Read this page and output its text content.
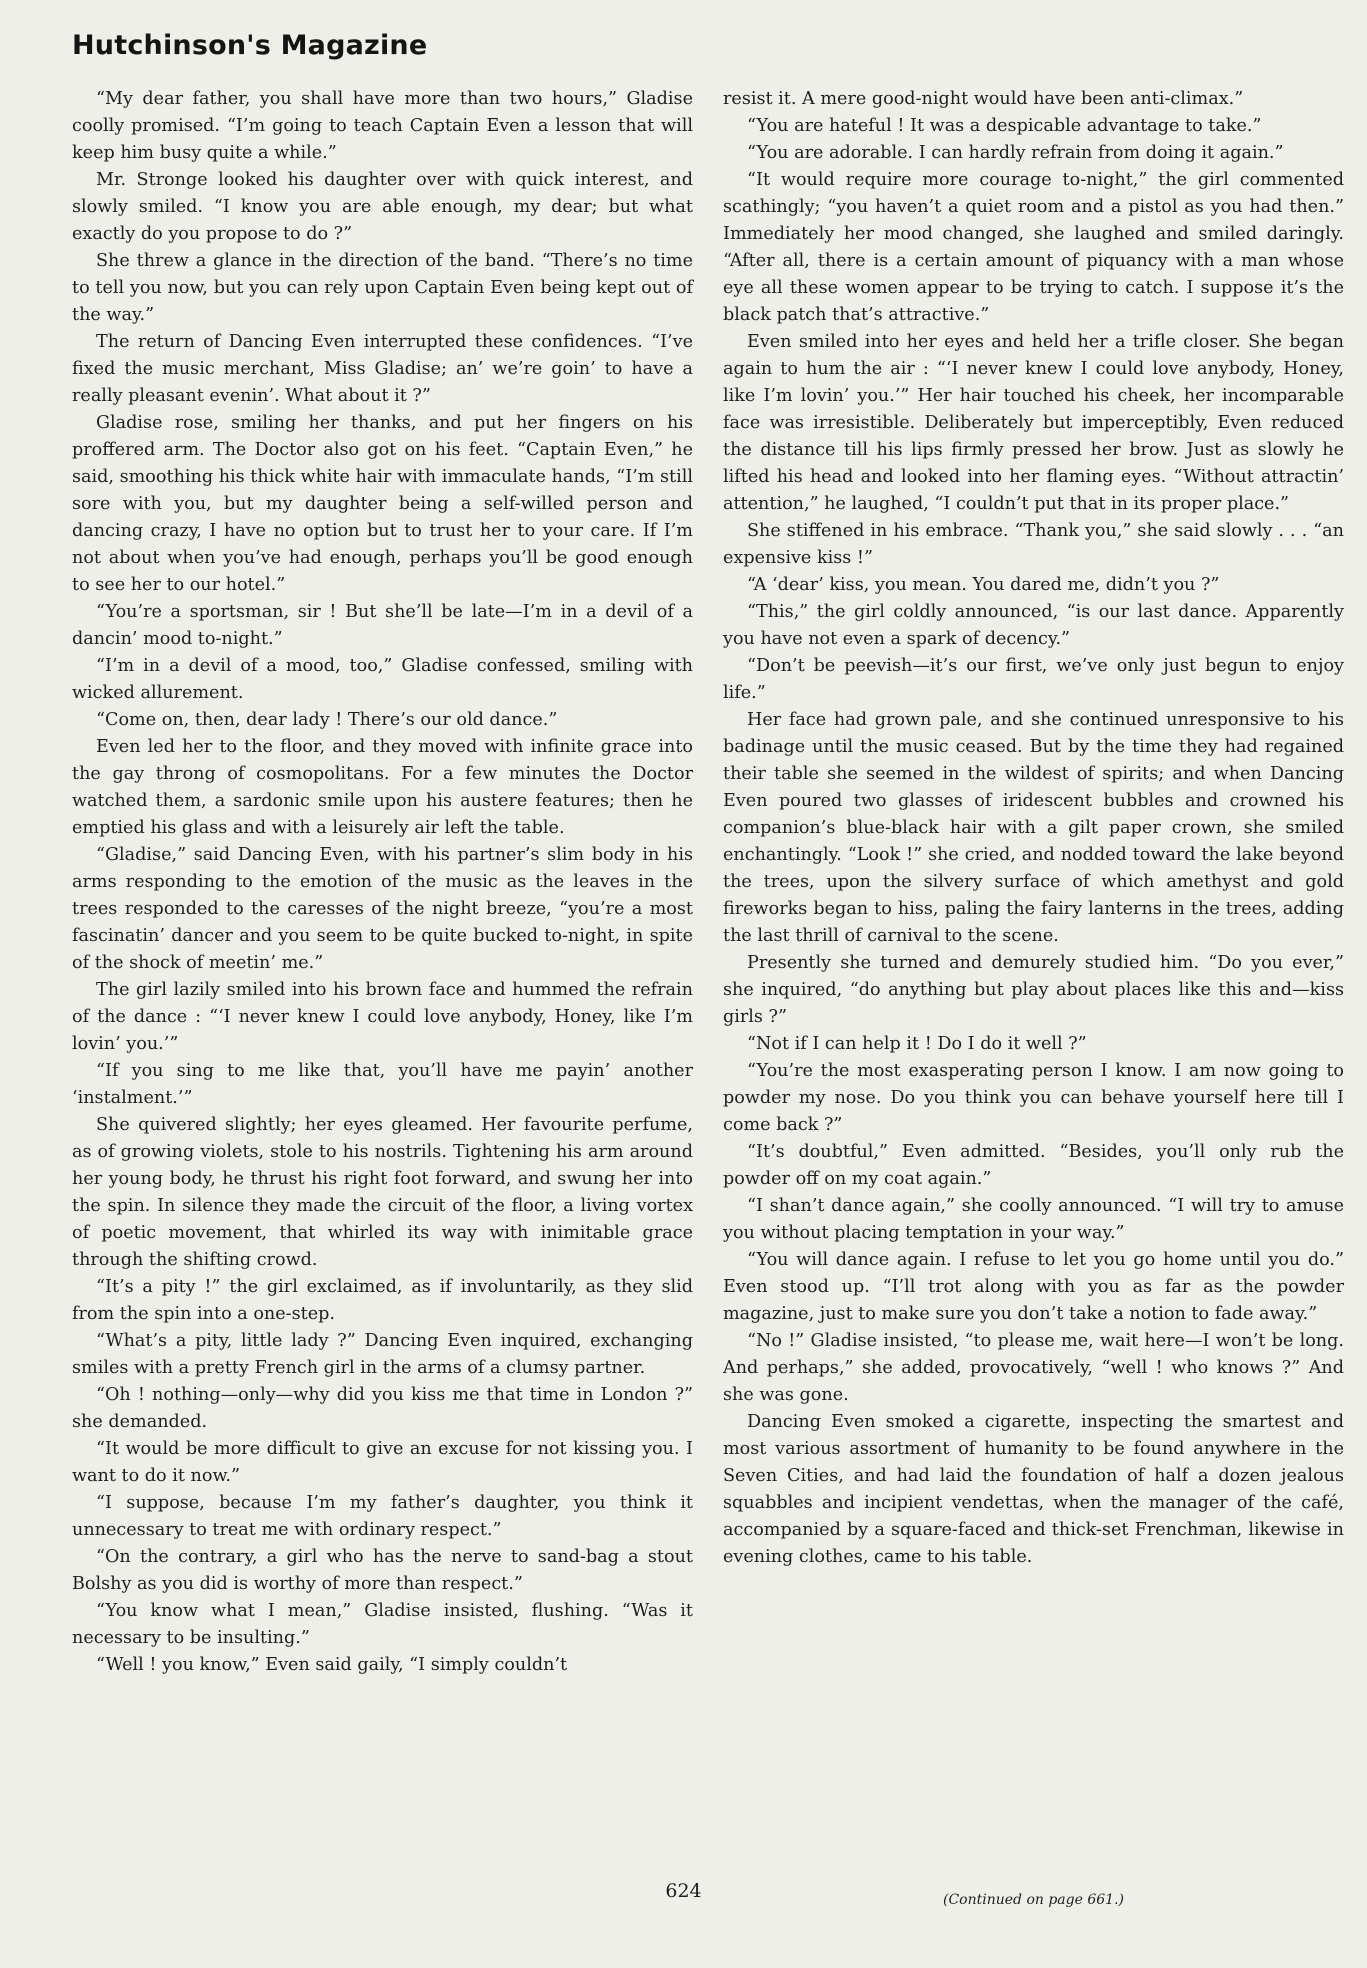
Hutchinson's Magazine

“My dear father, you shall have more than two hours,” Gladise coolly promised. “I’m going to teach Captain Even a lesson that will keep him busy quite a while.”

Mr. Stronge looked his daughter over with quick interest, and slowly smiled. “I know you are able enough, my dear; but what exactly do you propose to do ?”

She threw a glance in the direction of the band. “There’s no time to tell you now, but you can rely upon Captain Even being kept out of the way.”

The return of Dancing Even interrupted these confidences. “I’ve fixed the music merchant, Miss Gladise; an’ we’re goin’ to have a really pleasant evenin’. What about it ?”

Gladise rose, smiling her thanks, and put her fingers on his proffered arm. The Doctor also got on his feet. “Captain Even,” he said, smoothing his thick white hair with immaculate hands, “I’m still sore with you, but my daughter being a self-willed person and dancing crazy, I have no option but to trust her to your care. If I’m not about when you’ve had enough, perhaps you’ll be good enough to see her to our hotel.”

“You’re a sportsman, sir ! But she’ll be late—I’m in a devil of a dancin’ mood to-night.”

“I’m in a devil of a mood, too,” Gladise confessed, smiling with wicked allurement.

“Come on, then, dear lady ! There’s our old dance.”

Even led her to the floor, and they moved with infinite grace into the gay throng of cosmopolitans. For a few minutes the Doctor watched them, a sardonic smile upon his austere features; then he emptied his glass and with a leisurely air left the table.

“Gladise,” said Dancing Even, with his partner’s slim body in his arms responding to the emotion of the music as the leaves in the trees responded to the caresses of the night breeze, “you’re a most fascinatin’ dancer and you seem to be quite bucked to-night, in spite of the shock of meetin’ me.”

The girl lazily smiled into his brown face and hummed the refrain of the dance : “‘I never knew I could love anybody, Honey, like I’m lovin’ you.’”

“If you sing to me like that, you’ll have me payin’ another ‘instalment.’”

She quivered slightly; her eyes gleamed. Her favourite perfume, as of growing violets, stole to his nostrils. Tightening his arm around her young body, he thrust his right foot forward, and swung her into the spin. In silence they made the circuit of the floor, a living vortex of poetic movement, that whirled its way with inimitable grace through the shifting crowd.

“It’s a pity !” the girl exclaimed, as if involuntarily, as they slid from the spin into a one-step.

“What’s a pity, little lady ?” Dancing Even inquired, exchanging smiles with a pretty French girl in the arms of a clumsy partner.

“Oh ! nothing—only—why did you kiss me that time in London ?” she demanded.

“It would be more difficult to give an excuse for not kissing you. I want to do it now.”

“I suppose, because I’m my father’s daughter, you think it unnecessary to treat me with ordinary respect.”

“On the contrary, a girl who has the nerve to sand-bag a stout Bolshy as you did is worthy of more than respect.”

“You know what I mean,” Gladise insisted, flushing. “Was it necessary to be insulting.”

“Well ! you know,” Even said gaily, “I simply couldn’t

resist it. A mere good-night would have been anti-climax.”

“You are hateful ! It was a despicable advantage to take.”

“You are adorable. I can hardly refrain from doing it again.”

“It would require more courage to-night,” the girl commented scathingly; “you haven’t a quiet room and a pistol as you had then.” Immediately her mood changed, she laughed and smiled daringly. “After all, there is a certain amount of piquancy with a man whose eye all these women appear to be trying to catch. I suppose it’s the black patch that’s attractive.”

Even smiled into her eyes and held her a trifle closer. She began again to hum the air : “‘I never knew I could love anybody, Honey, like I’m lovin’ you.’” Her hair touched his cheek, her incomparable face was irresistible. Deliberately but imperceptibly, Even reduced the distance till his lips firmly pressed her brow. Just as slowly he lifted his head and looked into her flaming eyes. “Without attractin’ attention,” he laughed, “I couldn’t put that in its proper place.”

She stiffened in his embrace. “Thank you,” she said slowly . . . “an expensive kiss !”

“A ‘dear’ kiss, you mean. You dared me, didn’t you ?”

“This,” the girl coldly announced, “is our last dance. Apparently you have not even a spark of decency.”

“Don’t be peevish—it’s our first, we’ve only just begun to enjoy life.”

Her face had grown pale, and she continued unresponsive to his badinage until the music ceased. But by the time they had regained their table she seemed in the wildest of spirits; and when Dancing Even poured two glasses of iridescent bubbles and crowned his companion’s blue-black hair with a gilt paper crown, she smiled enchantingly. “Look !” she cried, and nodded toward the lake beyond the trees, upon the silvery surface of which amethyst and gold fireworks began to hiss, paling the fairy lanterns in the trees, adding the last thrill of carnival to the scene.

Presently she turned and demurely studied him. “Do you ever,” she inquired, “do anything but play about places like this and—kiss girls ?”

“Not if I can help it ! Do I do it well ?”

“You’re the most exasperating person I know. I am now going to powder my nose. Do you think you can behave yourself here till I come back ?”

“It’s doubtful,” Even admitted. “Besides, you’ll only rub the powder off on my coat again.”

“I shan’t dance again,” she coolly announced. “I will try to amuse you without placing temptation in your way.”

“You will dance again. I refuse to let you go home until you do.” Even stood up. “I’ll trot along with you as far as the powder magazine, just to make sure you don’t take a notion to fade away.”

“No !” Gladise insisted, “to please me, wait here—I won’t be long. And perhaps,” she added, provocatively, “well ! who knows ?” And she was gone.

Dancing Even smoked a cigarette, inspecting the smartest and most various assortment of humanity to be found anywhere in the Seven Cities, and had laid the foundation of half a dozen jealous squabbles and incipient vendettas, when the manager of the café, accompanied by a square-faced and thick-set Frenchman, likewise in evening clothes, came to his table.

(Continued on page 661.)
624
